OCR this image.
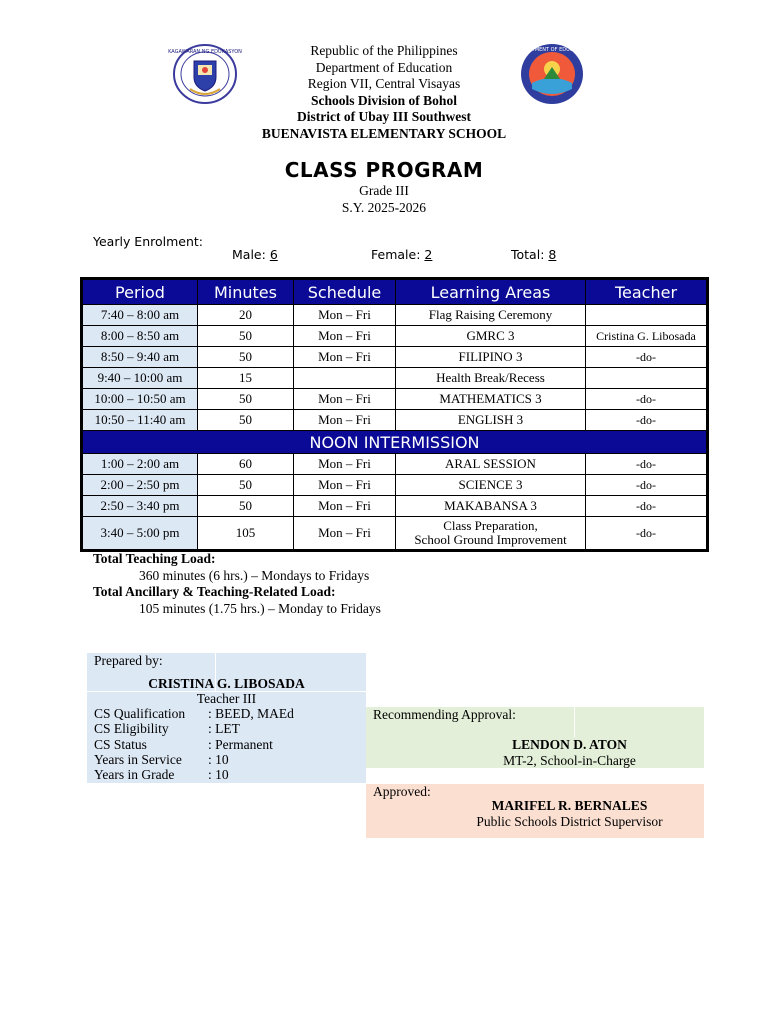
KAGAWARAN NG EDUKASYON	DEPARTMENT OF EDUCATION
Republic of the Philippines
Department of Education
Region VII, Central Visayas
Schools Division of Bohol
District of Ubay III Southwest
BUENAVISTA ELEMENTARY SCHOOL
CLASS PROGRAM
Grade III
S.Y. 2025-2026
Yearly Enrolment:
Male: 6	Female: 2	Total: 8
Period	Minutes	Schedule	Learning Areas	Teacher
7:40 – 8:00 am	20	Mon – Fri	Flag Raising Ceremony	
8:00 – 8:50 am	50	Mon – Fri	GMRC 3	Cristina G. Libosada
8:50 – 9:40 am	50	Mon – Fri	FILIPINO 3	-do-
9:40 – 10:00 am	15		Health Break/Recess	
10:00 – 10:50 am	50	Mon – Fri	MATHEMATICS 3	-do-
10:50 – 11:40 am	50	Mon – Fri	ENGLISH 3	-do-
NOON INTERMISSION				
1:00 – 2:00 am	60	Mon – Fri	ARAL SESSION	-do-
2:00 – 2:50 pm	50	Mon – Fri	SCIENCE 3	-do-
2:50 – 3:40 pm	50	Mon – Fri	MAKABANSA 3	-do-
3:40 – 5:00 pm	105	Mon – Fri	Class Preparation,
School Ground Improvement	-do-
Total Teaching Load:
360 minutes (6 hrs.) – Mondays to Fridays
Total Ancillary & Teaching-Related Load:
105 minutes (1.75 hrs.) – Monday to Fridays
Prepared by:
CRISTINA G. LIBOSADA
Teacher III
CS Qualification : BEED, MAEd
CS Eligibility	: LET
CS Status	: Permanent
Years in Service : 10
Years in Grade : 10
Recommending Approval:
LENDON D. ATON
MT-2, School-in-Charge
Approved:
MARIFEL R. BERNALES
Public Schools District Supervisor
